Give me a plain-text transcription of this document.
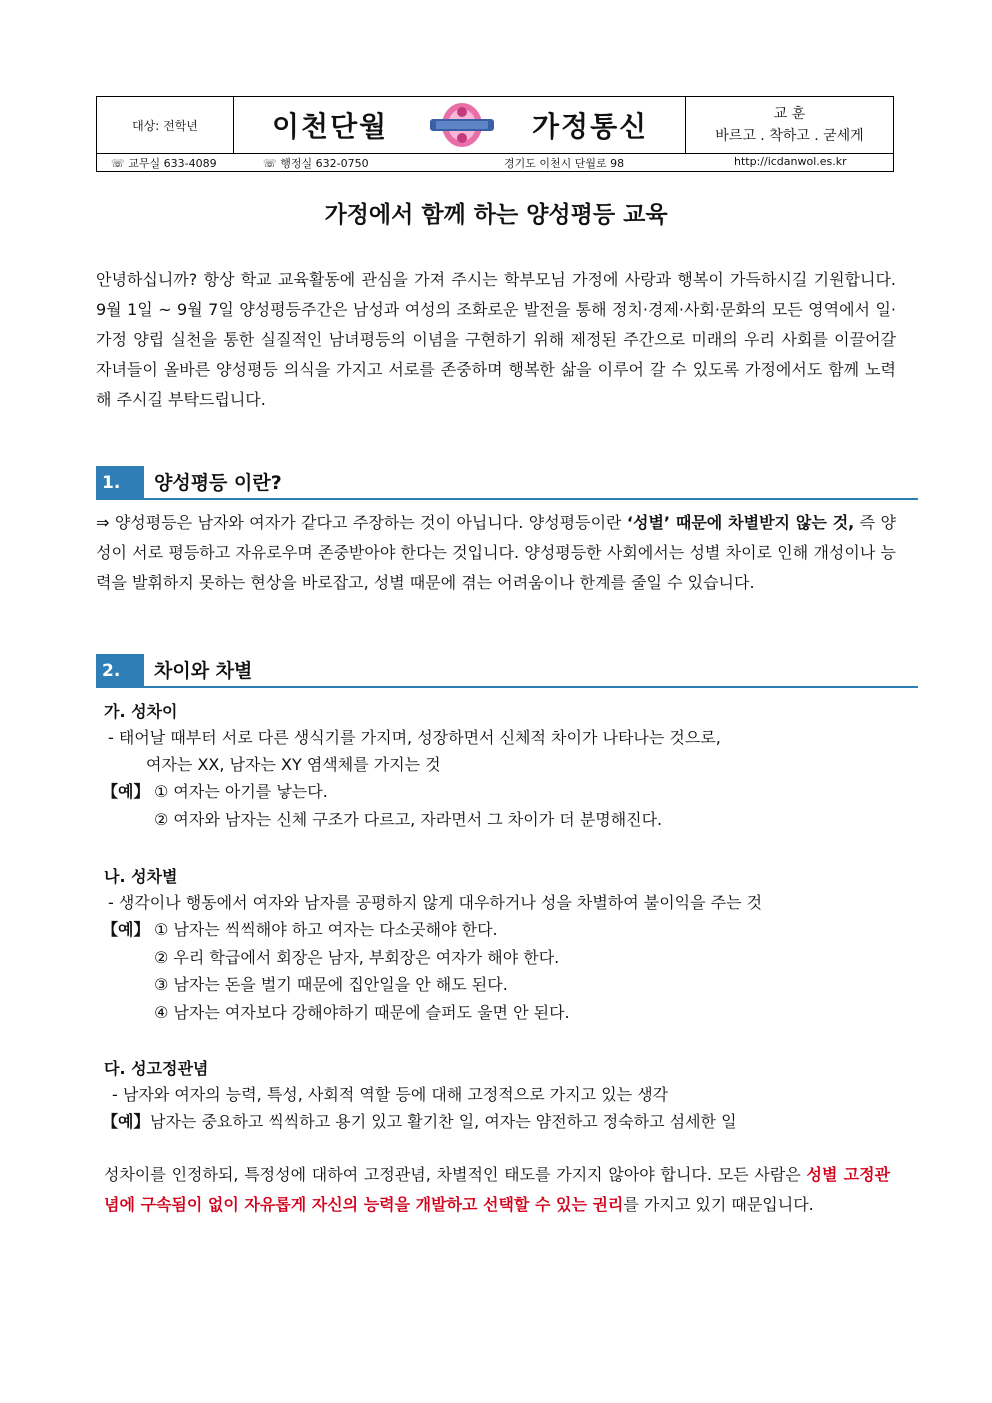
대상: 전학년	이천단월	가정통신	교 훈
바르고 . 착하고 . 굳세게
☏ 교무실 633-4089	☏ 행정실 632-0750	경기도 이천시 단월로 98	http://icdanwol.es.kr
가정에서 함께 하는 양성평등 교육

안녕하십니까? 항상 학교 교육활동에 관심을 가져 주시는 학부모님 가정에 사랑과 행복이 가득하시길 기원합니다. 9월 1일 ~ 9월 7일 양성평등주간은 남성과 여성의 조화로운 발전을 통해 정치·경제·사회·문화의 모든 영역에서 일·가정 양립 실천을 통한 실질적인 남녀평등의 이념을 구현하기 위해 제정된 주간으로 미래의 우리 사회를 이끌어갈 자녀들이 올바른 양성평등 의식을 가지고 서로를 존중하며 행복한 삶을 이루어 갈 수 있도록 가정에서도 함께 노력해 주시길 부탁드립니다.

1.	양성평등 이란?

⇒ 양성평등은 남자와 여자가 같다고 주장하는 것이 아닙니다. 양성평등이란 ‘성별’ 때문에 차별받지 않는 것, 즉 양성이 서로 평등하고 자유로우며 존중받아야 한다는 것입니다. 양성평등한 사회에서는 성별 차이로 인해 개성이나 능력을 발휘하지 못하는 현상을 바로잡고, 성별 때문에 겪는 어려움이나 한계를 줄일 수 있습니다.

2.	차이와 차별
가. 성차이
- 태어날 때부터 서로 다른 생식기를 가지며, 성장하면서 신체적 차이가 나타나는 것으로,
여자는 XX, 남자는 XY 염색체를 가지는 것
【예】 ① 여자는 아기를 낳는다.
② 여자와 남자는 신체 구조가 다르고, 자라면서 그 차이가 더 분명해진다.
나. 성차별
- 생각이나 행동에서 여자와 남자를 공평하지 않게 대우하거나 성을 차별하여 불이익을 주는 것
【예】 ① 남자는 씩씩해야 하고 여자는 다소곳해야 한다.
② 우리 학급에서 회장은 남자, 부회장은 여자가 해야 한다.
③ 남자는 돈을 벌기 때문에 집안일을 안 해도 된다.
④ 남자는 여자보다 강해야하기 때문에 슬퍼도 울면 안 된다.
다. 성고정관념
- 남자와 여자의 능력, 특성, 사회적 역할 등에 대해 고정적으로 가지고 있는 생각
【예】 남자는 중요하고 씩씩하고 용기 있고 활기찬 일, 여자는 얌전하고 정숙하고 섬세한 일

성차이를 인정하되, 특정성에 대하여 고정관념, 차별적인 태도를 가지지 않아야 합니다. 모든 사람은 성별 고정관념에 구속됨이 없이 자유롭게 자신의 능력을 개발하고 선택할 수 있는 권리를 가지고 있기 때문입니다.
